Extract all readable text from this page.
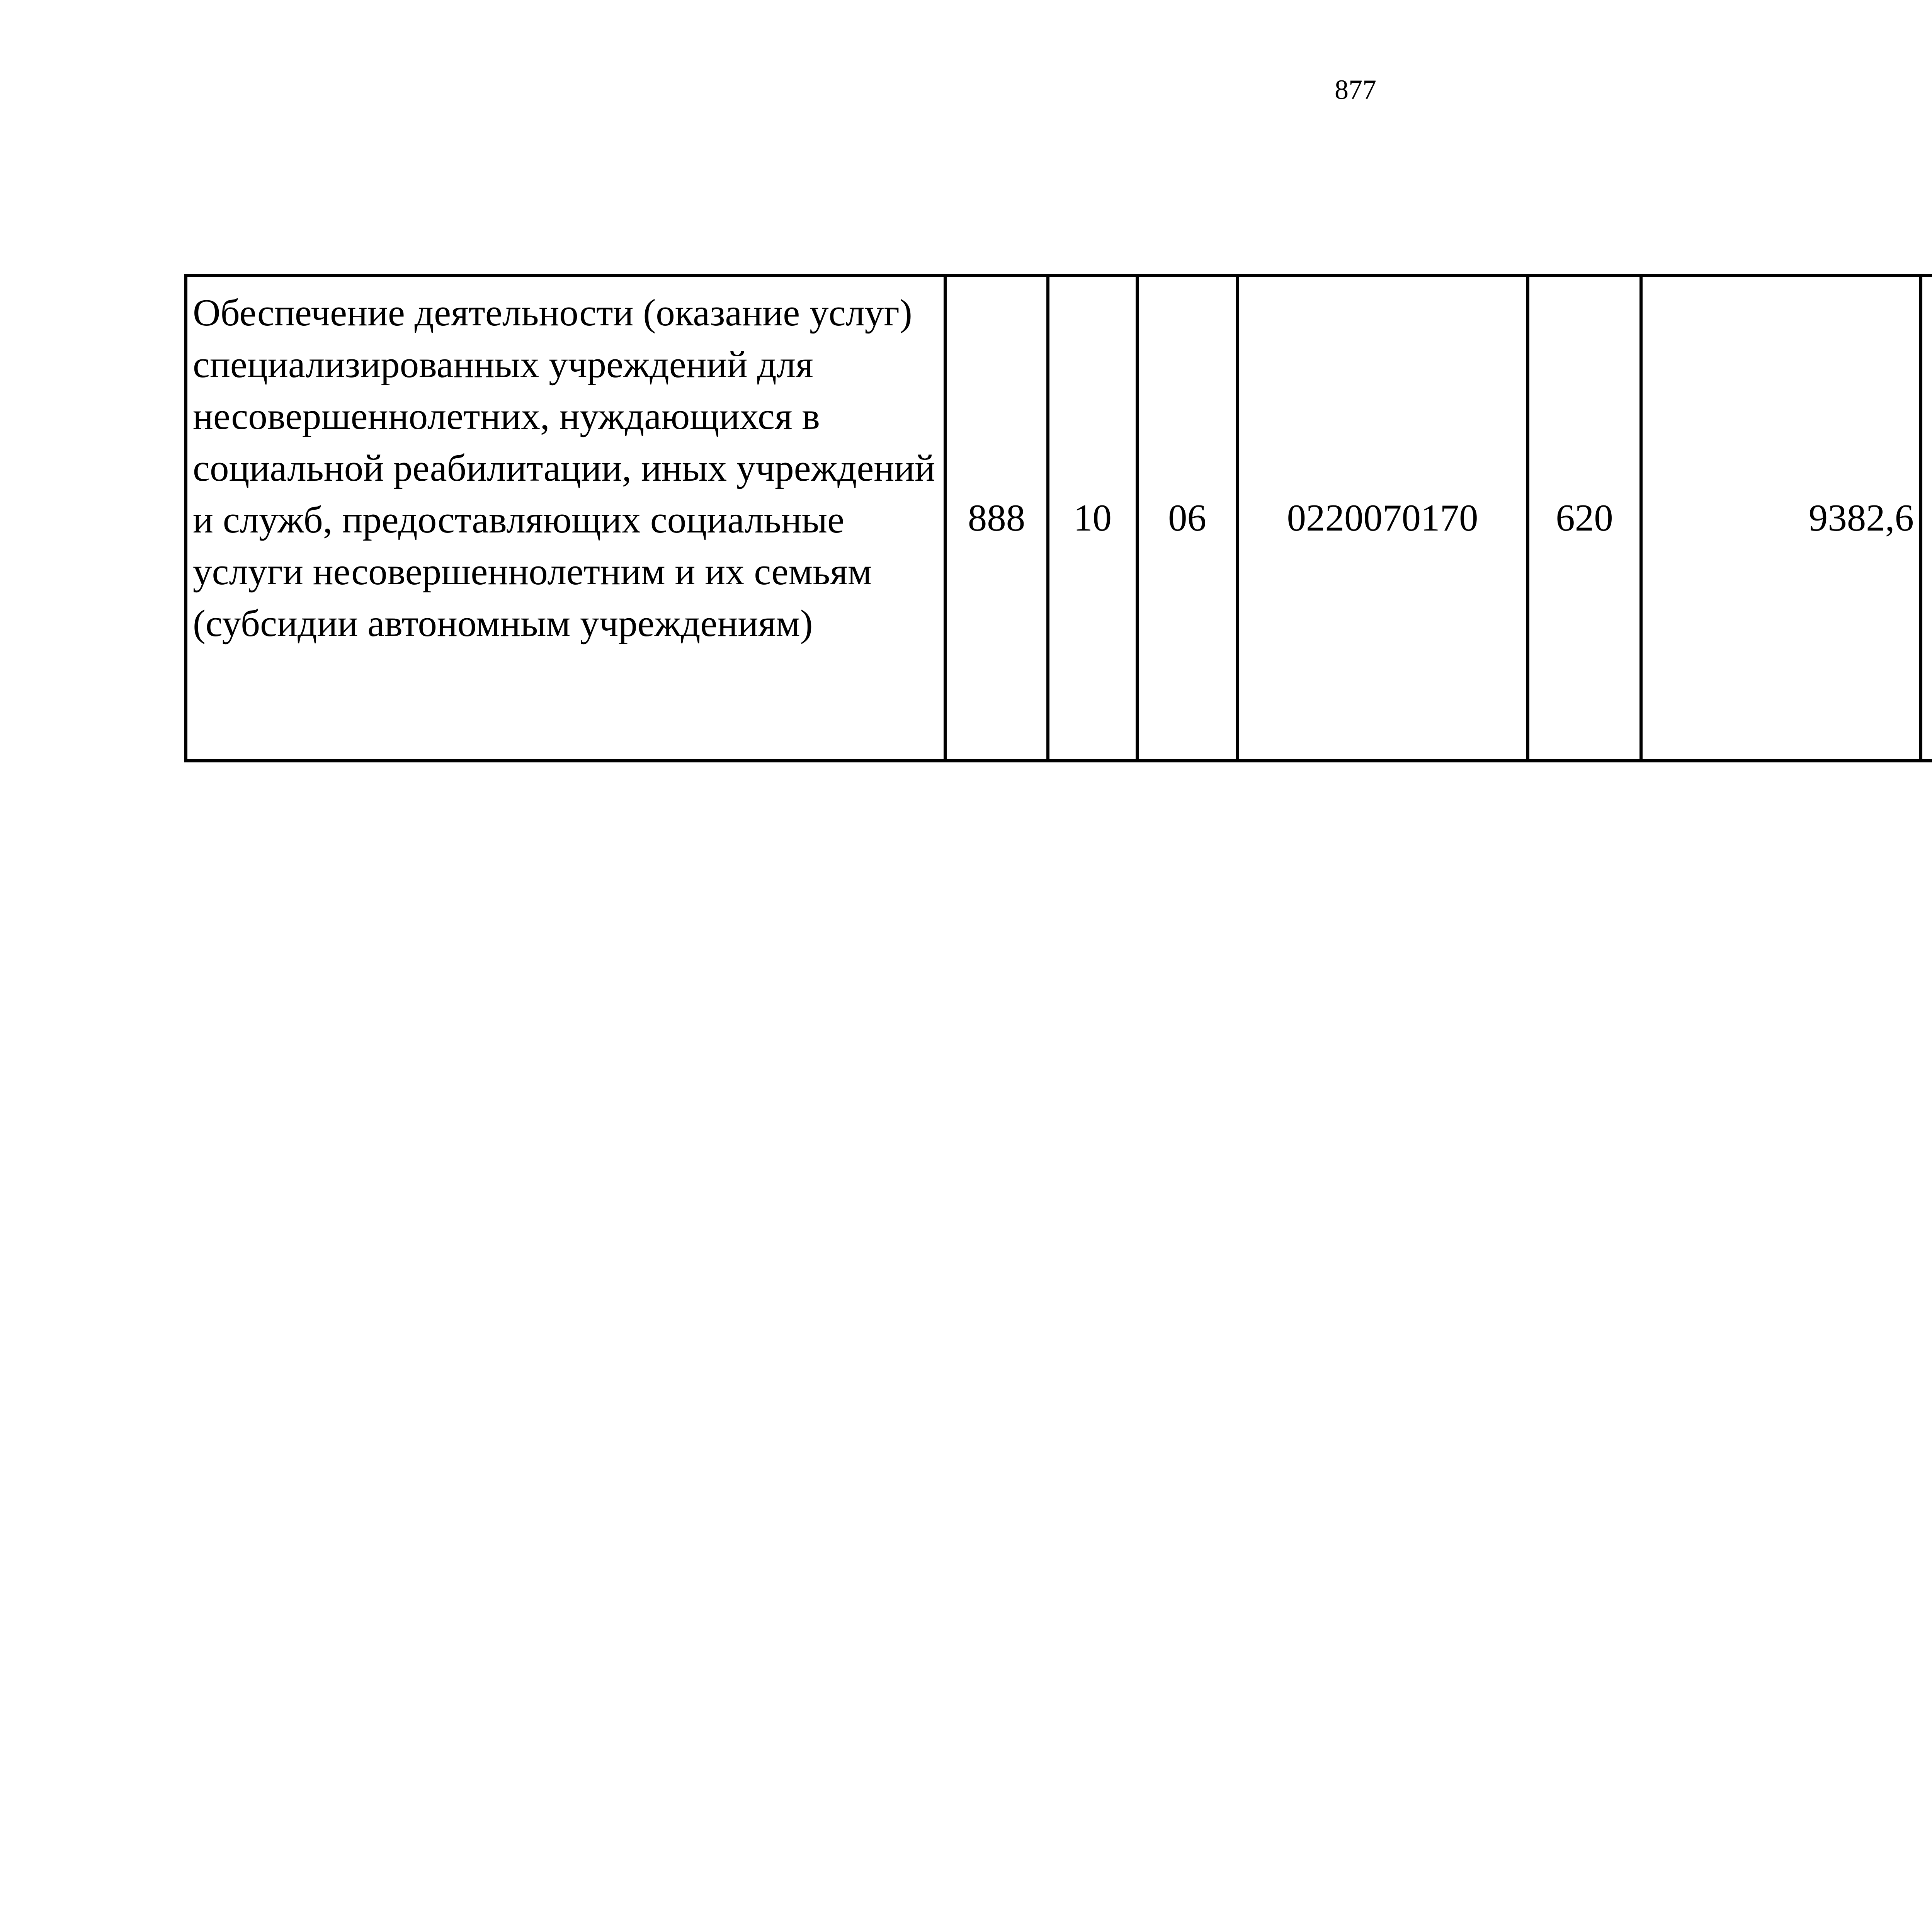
877
Обеспечение деятельности (оказание услуг) специализированных учреждений для несовершеннолетних, нуждающихся в социальной реабилитации, иных учреждений и служб, предоставляющих социальные услуги несовершеннолетним и их семьям (субсидии автономным учреждениям)	888	10	06	0220070170	620	9382,6		
